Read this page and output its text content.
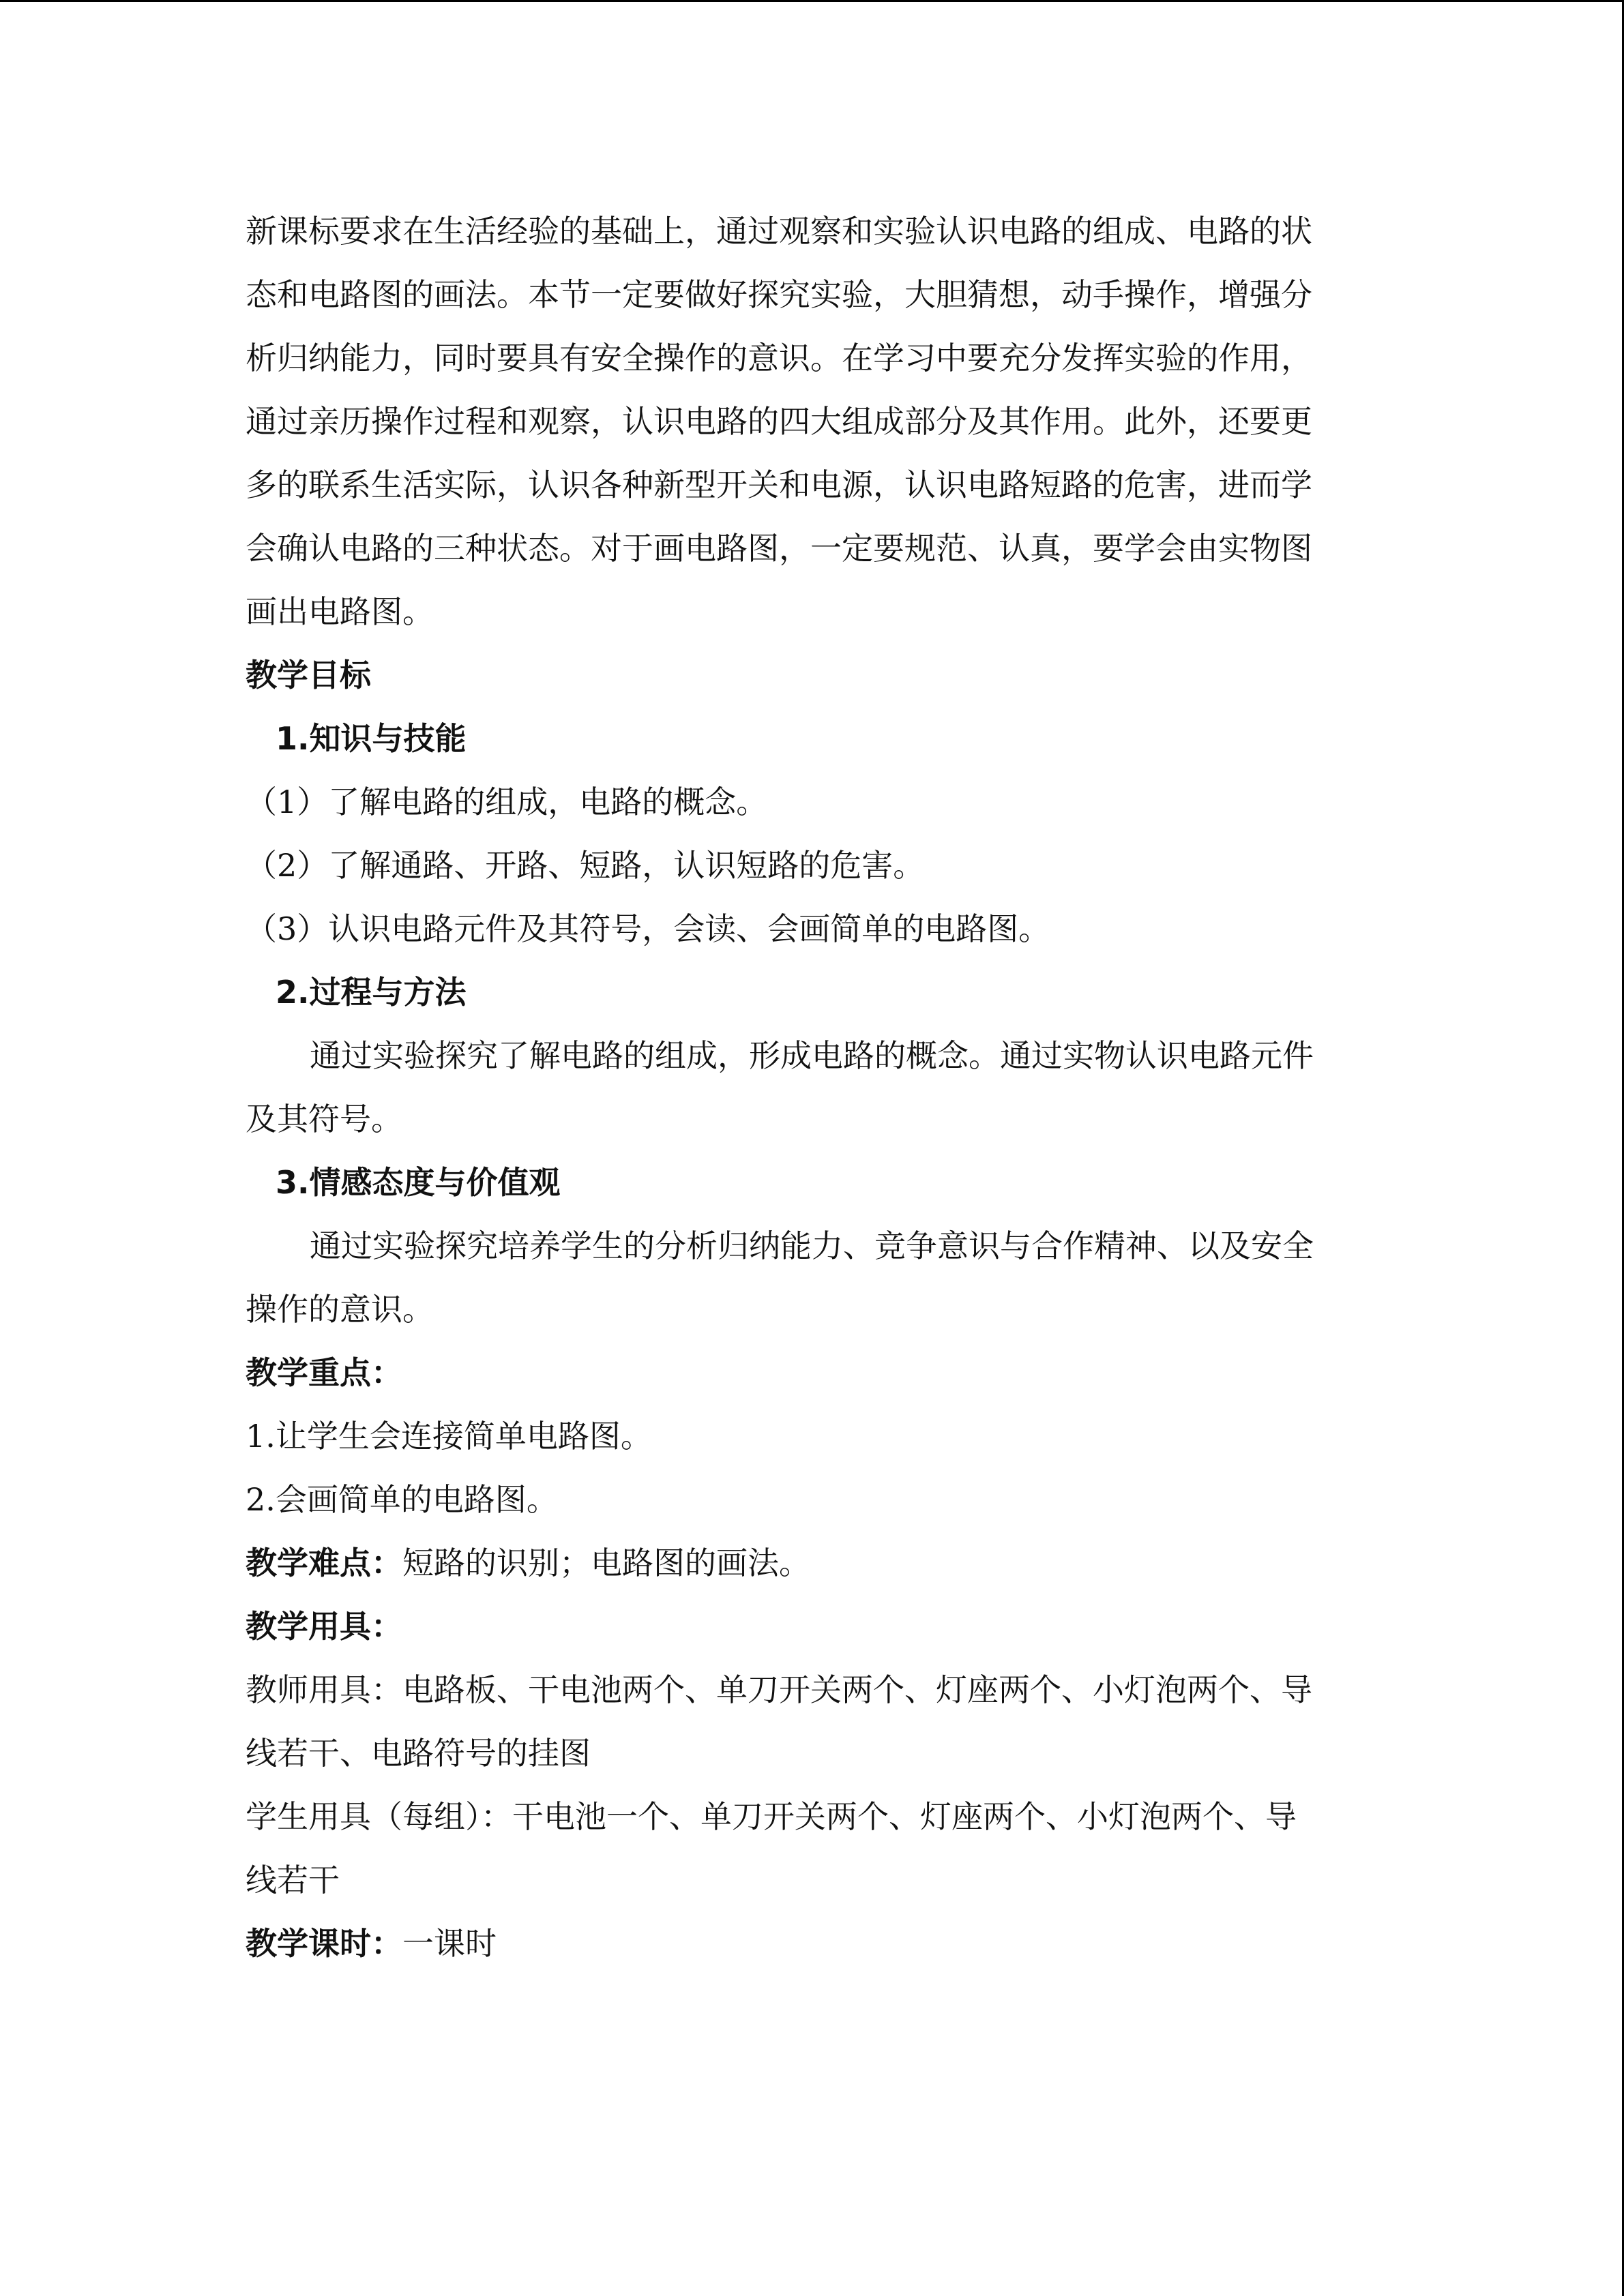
新课标要求在生活经验的基础上，通过观察和实验认识电路的组成、电路的状

态和电路图的画法。本节一定要做好探究实验，大胆猜想，动手操作，增强分

析归纳能力，同时要具有安全操作的意识。在学习中要充分发挥实验的作用，

通过亲历操作过程和观察，认识电路的四大组成部分及其作用。此外，还要更

多的联系生活实际，认识各种新型开关和电源，认识电路短路的危害，进而学

会确认电路的三种状态。对于画电路图，一定要规范、认真，要学会由实物图

画出电路图。

教学目标

1.知识与技能

（1）了解电路的组成，电路的概念。

（2）了解通路、开路、短路，认识短路的危害。

（3）认识电路元件及其符号，会读、会画简单的电路图。

2.过程与方法

通过实验探究了解电路的组成，形成电路的概念。通过实物认识电路元件

及其符号。

3.情感态度与价值观

通过实验探究培养学生的分析归纳能力、竞争意识与合作精神、以及安全

操作的意识。

教学重点：

1.让学生会连接简单电路图。

2.会画简单的电路图。

教学难点：短路的识别；电路图的画法。

教学用具：

教师用具：电路板、干电池两个、单刀开关两个、灯座两个、小灯泡两个、导

线若干、电路符号的挂图

学生用具（每组）：干电池一个、单刀开关两个、灯座两个、小灯泡两个、导

线若干

教学课时：一课时
